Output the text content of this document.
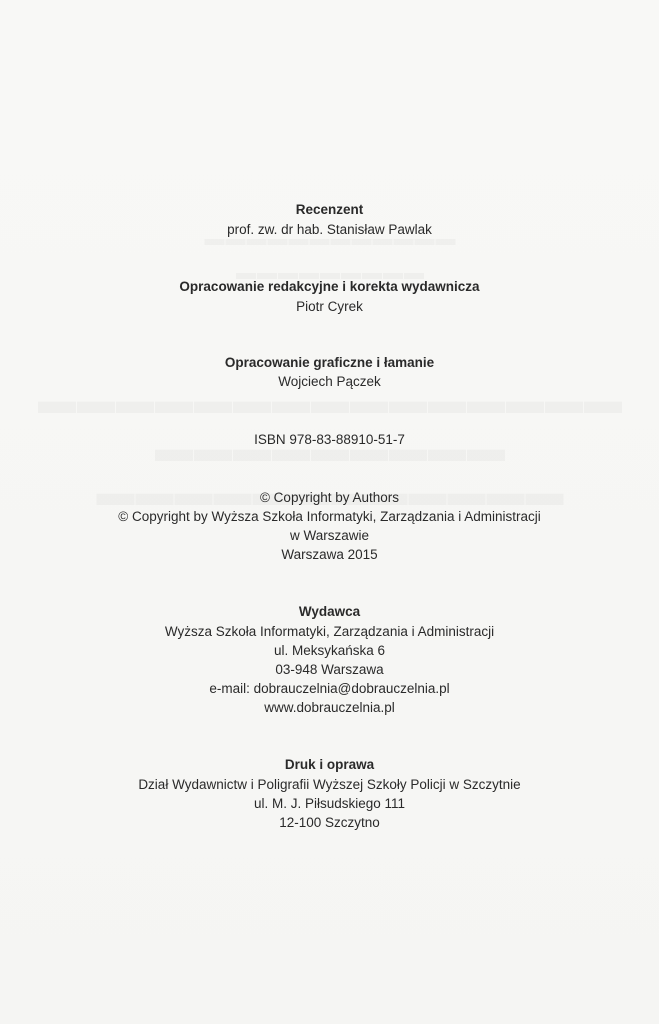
Recenzent
prof. zw. dr hab. Stanisław Pawlak
Opracowanie redakcyjne i korekta wydawnicza
Piotr Cyrek
Opracowanie graficzne i łamanie
Wojciech Pączek
ISBN 978-83-88910-51-7
© Copyright by Authors
© Copyright by Wyższa Szkoła Informatyki, Zarządzania i Administracji
w Warszawie
Warszawa 2015
Wydawca
Wyższa Szkoła Informatyki, Zarządzania i Administracji
ul. Meksykańska 6
03-948 Warszawa
e-mail: dobrauczelnia@dobrauczelnia.pl
www.dobrauczelnia.pl
Druk i oprawa
Dział Wydawnictw i Poligrafii Wyższej Szkoły Policji w Szczytnie
ul. M. J. Piłsudskiego 111
12-100 Szczytno
